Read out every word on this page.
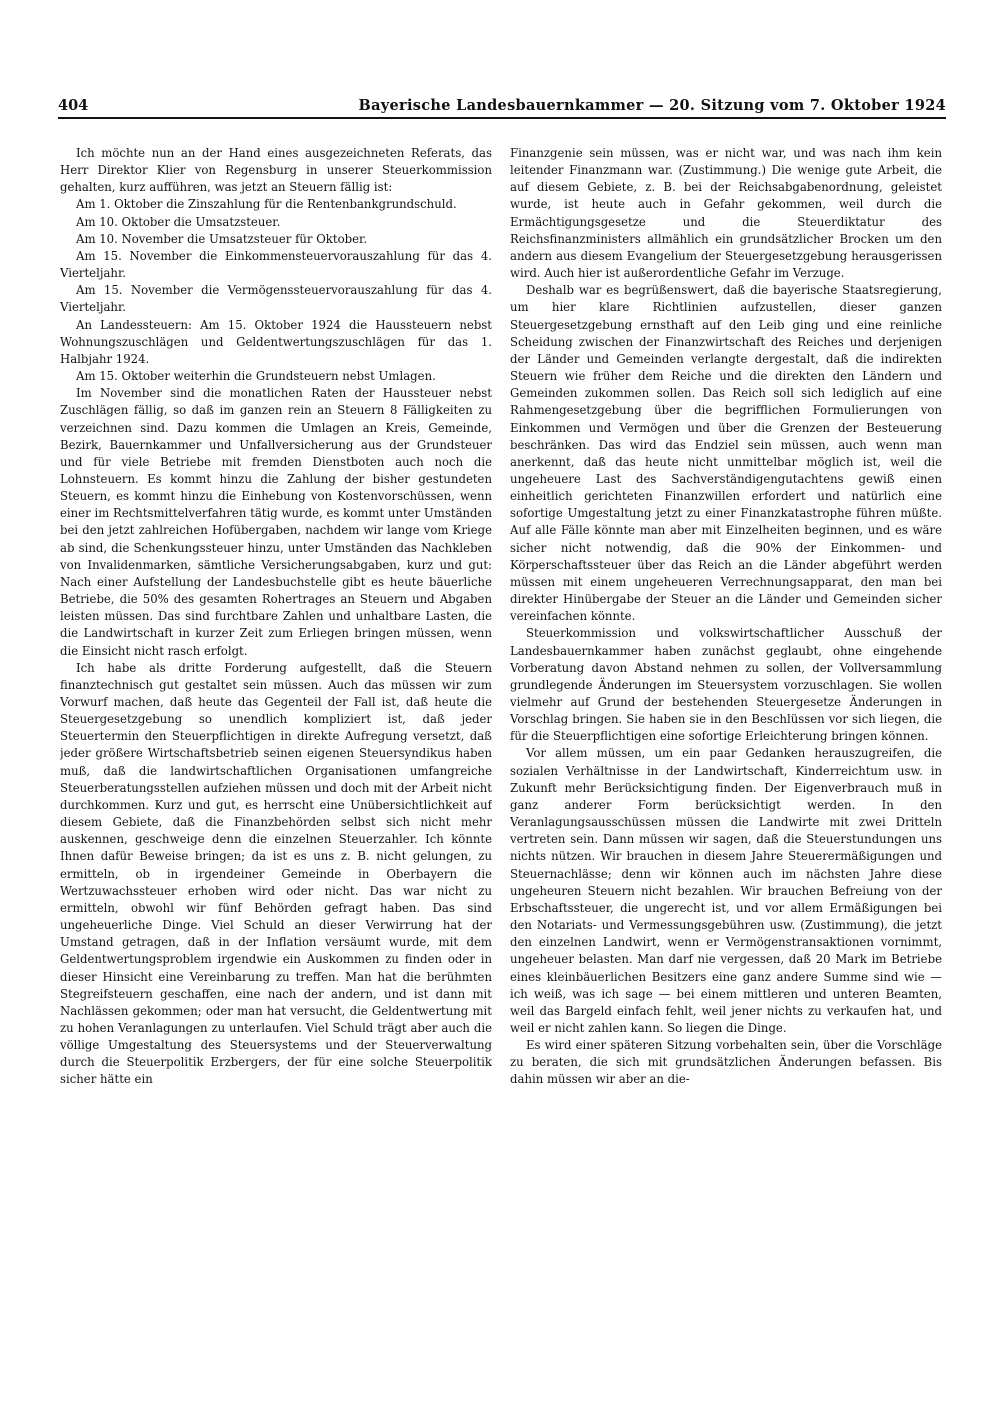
404	Bayerische Landesbauernkammer — 20. Sitzung vom 7. Oktober 1924

Ich möchte nun an der Hand eines ausgezeichneten Referats, das Herr Direktor Klier von Regensburg in unserer Steuerkommission gehalten, kurz aufführen, was jetzt an Steuern fällig ist:

Am 1. Oktober die Zinszahlung für die Rentenbankgrundschuld.

Am 10. Oktober die Umsatzsteuer.

Am 10. November die Umsatzsteuer für Oktober.

Am 15. November die Einkommensteuervorauszahlung für das 4. Vierteljahr.

Am 15. November die Vermögenssteuervorauszahlung für das 4. Vierteljahr.

An Landessteuern: Am 15. Oktober 1924 die Haussteuern nebst Wohnungszuschlägen und Geldentwertungszuschlägen für das 1. Halbjahr 1924.

Am 15. Oktober weiterhin die Grundsteuern nebst Umlagen.

Im November sind die monatlichen Raten der Haussteuer nebst Zuschlägen fällig, so daß im ganzen rein an Steuern 8 Fälligkeiten zu verzeichnen sind. Dazu kommen die Umlagen an Kreis, Gemeinde, Bezirk, Bauernkammer und Unfallversicherung aus der Grundsteuer und für viele Betriebe mit fremden Dienstboten auch noch die Lohnsteuern. Es kommt hinzu die Zahlung der bisher gestundeten Steuern, es kommt hinzu die Einhebung von Kostenvorschüssen, wenn einer im Rechtsmittelverfahren tätig wurde, es kommt unter Umständen bei den jetzt zahlreichen Hofübergaben, nachdem wir lange vom Kriege ab sind, die Schenkungssteuer hinzu, unter Umständen das Nachkleben von Invalidenmarken, sämtliche Versicherungsabgaben, kurz und gut: Nach einer Aufstellung der Landesbuchstelle gibt es heute bäuerliche Betriebe, die 50% des gesamten Rohertrages an Steuern und Abgaben leisten müssen. Das sind furchtbare Zahlen und unhaltbare Lasten, die die Landwirtschaft in kurzer Zeit zum Erliegen bringen müssen, wenn die Einsicht nicht rasch erfolgt.

Ich habe als dritte Forderung aufgestellt, daß die Steuern finanztechnisch gut gestaltet sein müssen. Auch das müssen wir zum Vorwurf machen, daß heute das Gegenteil der Fall ist, daß heute die Steuergesetzgebung so unendlich kompliziert ist, daß jeder Steuertermin den Steuerpflichtigen in direkte Aufregung versetzt, daß jeder größere Wirtschaftsbetrieb seinen eigenen Steuersyndikus haben muß, daß die landwirtschaftlichen Organisationen umfangreiche Steuerberatungsstellen aufziehen müssen und doch mit der Arbeit nicht durchkommen. Kurz und gut, es herrscht eine Unübersichtlichkeit auf diesem Gebiete, daß die Finanzbehörden selbst sich nicht mehr auskennen, geschweige denn die einzelnen Steuerzahler. Ich könnte Ihnen dafür Beweise bringen; da ist es uns z. B. nicht gelungen, zu ermitteln, ob in irgendeiner Gemeinde in Oberbayern die Wertzuwachssteuer erhoben wird oder nicht. Das war nicht zu ermitteln, obwohl wir fünf Behörden gefragt haben. Das sind ungeheuerliche Dinge. Viel Schuld an dieser Verwirrung hat der Umstand getragen, daß in der Inflation versäumt wurde, mit dem Geldentwertungsproblem irgendwie ein Auskommen zu finden oder in dieser Hinsicht eine Vereinbarung zu treffen. Man hat die berühmten Stegreifsteuern geschaffen, eine nach der andern, und ist dann mit Nachlässen gekommen; oder man hat versucht, die Geldentwertung mit zu hohen Veranlagungen zu unterlaufen. Viel Schuld trägt aber auch die völlige Umgestaltung des Steuersystems und der Steuerverwaltung durch die Steuerpolitik Erzbergers, der für eine solche Steuerpolitik sicher hätte ein

Finanzgenie sein müssen, was er nicht war, und was nach ihm kein leitender Finanzmann war. (Zustimmung.) Die wenige gute Arbeit, die auf diesem Gebiete, z. B. bei der Reichsabgabenordnung, geleistet wurde, ist heute auch in Gefahr gekommen, weil durch die Ermächtigungsgesetze und die Steuerdiktatur des Reichsfinanzministers allmählich ein grundsätzlicher Brocken um den andern aus diesem Evangelium der Steuergesetzgebung herausgerissen wird. Auch hier ist außerordentliche Gefahr im Verzuge.

Deshalb war es begrüßenswert, daß die bayerische Staatsregierung, um hier klare Richtlinien aufzustellen, dieser ganzen Steuergesetzgebung ernsthaft auf den Leib ging und eine reinliche Scheidung zwischen der Finanzwirtschaft des Reiches und derjenigen der Länder und Gemeinden verlangte dergestalt, daß die indirekten Steuern wie früher dem Reiche und die direkten den Ländern und Gemeinden zukommen sollen. Das Reich soll sich lediglich auf eine Rahmengesetzgebung über die begrifflichen Formulierungen von Einkommen und Vermögen und über die Grenzen der Besteuerung beschränken. Das wird das Endziel sein müssen, auch wenn man anerkennt, daß das heute nicht unmittelbar möglich ist, weil die ungeheuere Last des Sachverständigengutachtens gewiß einen einheitlich gerichteten Finanzwillen erfordert und natürlich eine sofortige Umgestaltung jetzt zu einer Finanzkatastrophe führen müßte. Auf alle Fälle könnte man aber mit Einzelheiten beginnen, und es wäre sicher nicht notwendig, daß die 90% der Einkommen- und Körperschaftssteuer über das Reich an die Länder abgeführt werden müssen mit einem ungeheueren Verrechnungsapparat, den man bei direkter Hinübergabe der Steuer an die Länder und Gemeinden sicher vereinfachen könnte.

Steuerkommission und volkswirtschaftlicher Ausschuß der Landesbauernkammer haben zunächst geglaubt, ohne eingehende Vorberatung davon Abstand nehmen zu sollen, der Vollversammlung grundlegende Änderungen im Steuersystem vorzuschlagen. Sie wollen vielmehr auf Grund der bestehenden Steuergesetze Änderungen in Vorschlag bringen. Sie haben sie in den Beschlüssen vor sich liegen, die für die Steuerpflichtigen eine sofortige Erleichterung bringen können.

Vor allem müssen, um ein paar Gedanken herauszugreifen, die sozialen Verhältnisse in der Landwirtschaft, Kinderreichtum usw. in Zukunft mehr Berücksichtigung finden. Der Eigenverbrauch muß in ganz anderer Form berücksichtigt werden. In den Veranlagungsausschüssen müssen die Landwirte mit zwei Dritteln vertreten sein. Dann müssen wir sagen, daß die Steuerstundungen uns nichts nützen. Wir brauchen in diesem Jahre Steuerermäßigungen und Steuernachlässe; denn wir können auch im nächsten Jahre diese ungeheuren Steuern nicht bezahlen. Wir brauchen Befreiung von der Erbschaftssteuer, die ungerecht ist, und vor allem Ermäßigungen bei den Notariats- und Vermessungsgebühren usw. (Zustimmung), die jetzt den einzelnen Landwirt, wenn er Vermögenstransaktionen vornimmt, ungeheuer belasten. Man darf nie vergessen, daß 20 Mark im Betriebe eines kleinbäuerlichen Besitzers eine ganz andere Summe sind wie — ich weiß, was ich sage — bei einem mittleren und unteren Beamten, weil das Bargeld einfach fehlt, weil jener nichts zu verkaufen hat, und weil er nicht zahlen kann. So liegen die Dinge.

Es wird einer späteren Sitzung vorbehalten sein, über die Vorschläge zu beraten, die sich mit grundsätzlichen Änderungen befassen. Bis dahin müssen wir aber an die-
